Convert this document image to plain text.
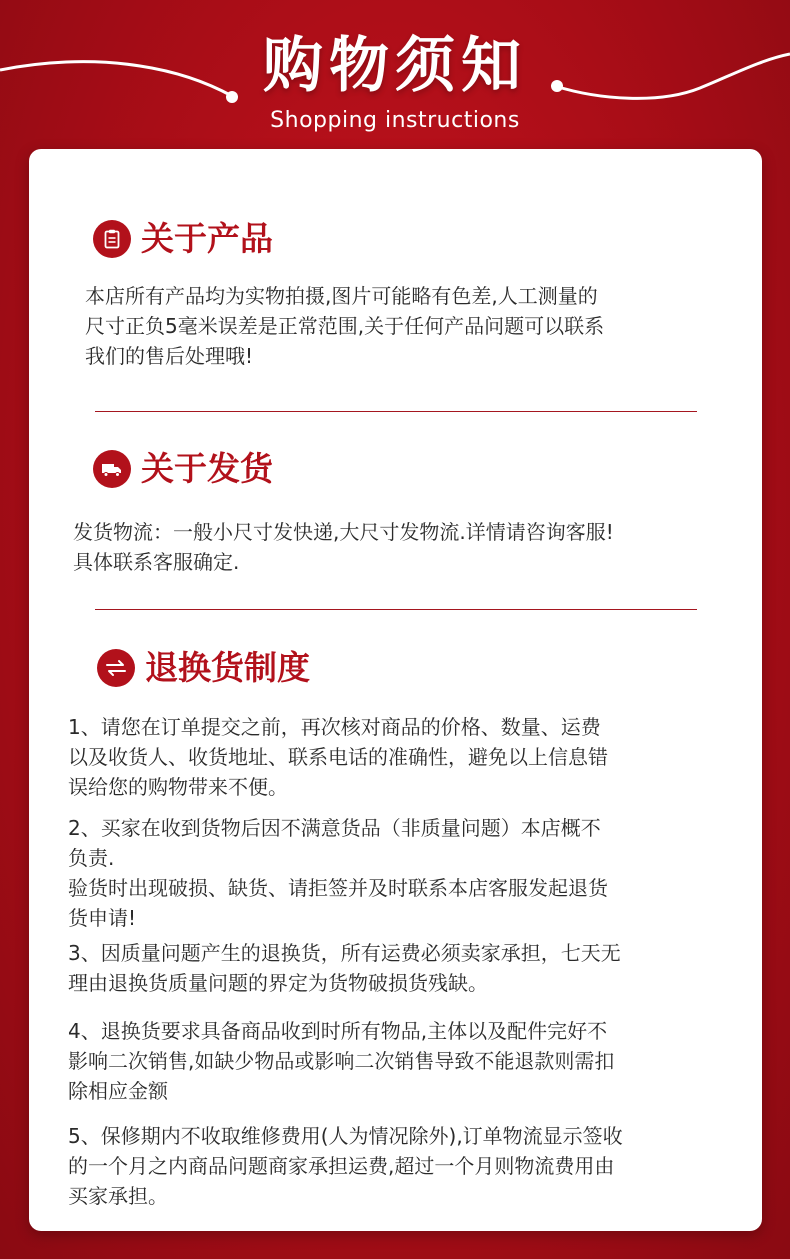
购物须知
Shopping instructions
关于产品

本店所有产品均为实物拍摄,图片可能略有色差,人工测量的

尺寸正负5毫米误差是正常范围,关于任何产品问题可以联系

我们的售后处理哦!

关于发货

发货物流：一般小尺寸发快递,大尺寸发物流.详情请咨询客服!

具体联系客服确定.

退换货制度

1、请您在订单提交之前，再次核对商品的价格、数量、运费

以及收货人、收货地址、联系电话的准确性，避免以上信息错

误给您的购物带来不便。

2、买家在收到货物后因不满意货品（非质量问题）本店概不

负责.

验货时出现破损、缺货、请拒签并及时联系本店客服发起退货

货申请!

3、因质量问题产生的退换货，所有运费必须卖家承担，七天无

理由退换货质量问题的界定为货物破损货残缺。

4、退换货要求具备商品收到时所有物品,主体以及配件完好不

影响二次销售,如缺少物品或影响二次销售导致不能退款则需扣

除相应金额

5、保修期内不收取维修费用(人为情况除外),订单物流显示签收

的一个月之内商品问题商家承担运费,超过一个月则物流费用由

买家承担。
